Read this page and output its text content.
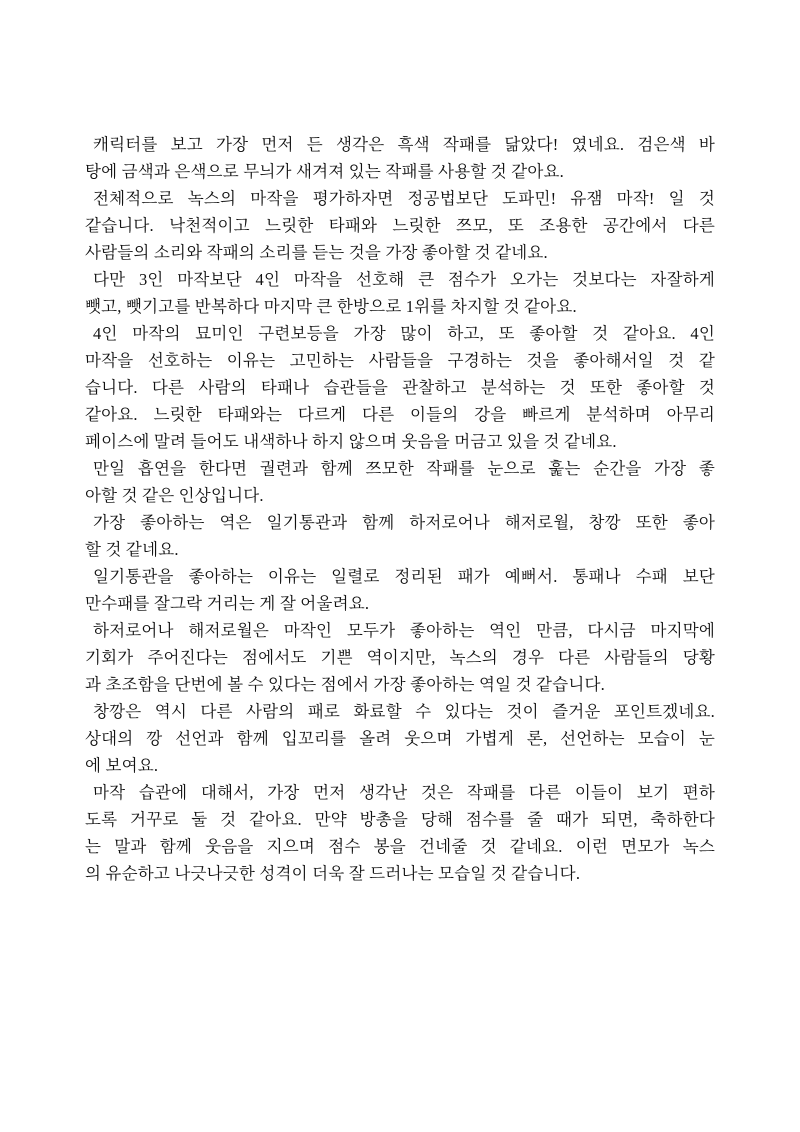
캐릭터를 보고 가장 먼저 든 생각은 흑색 작패를 닮았다! 였네요. 검은색 바
탕에 금색과 은색으로 무늬가 새겨져 있는 작패를 사용할 것 같아요.

전체적으로 녹스의 마작을 평가하자면 정공법보단 도파민! 유잼 마작! 일 것
같습니다. 낙천적이고 느릿한 타패와 느릿한 쯔모, 또 조용한 공간에서 다른
사람들의 소리와 작패의 소리를 듣는 것을 가장 좋아할 것 같네요.

다만 3인 마작보단 4인 마작을 선호해 큰 점수가 오가는 것보다는 자잘하게
뺏고, 뺏기고를 반복하다 마지막 큰 한방으로 1위를 차지할 것 같아요.

4인 마작의 묘미인 구련보등을 가장 많이 하고, 또 좋아할 것 같아요. 4인
마작을 선호하는 이유는 고민하는 사람들을 구경하는 것을 좋아해서일 것 같
습니다. 다른 사람의 타패나 습관들을 관찰하고 분석하는 것 또한 좋아할 것
같아요. 느릿한 타패와는 다르게 다른 이들의 강을 빠르게 분석하며 아무리
페이스에 말려 들어도 내색하나 하지 않으며 웃음을 머금고 있을 것 같네요.

만일 흡연을 한다면 궐련과 함께 쯔모한 작패를 눈으로 훑는 순간을 가장 좋
아할 것 같은 인상입니다.

가장 좋아하는 역은 일기통관과 함께 하저로어나 해저로월, 창깡 또한 좋아
할 것 같네요.

일기통관을 좋아하는 이유는 일렬로 정리된 패가 예뻐서. 통패나 수패 보단
만수패를 잘그락 거리는 게 잘 어울려요.

하저로어나 해저로월은 마작인 모두가 좋아하는 역인 만큼, 다시금 마지막에
기회가 주어진다는 점에서도 기쁜 역이지만, 녹스의 경우 다른 사람들의 당황
과 초조함을 단번에 볼 수 있다는 점에서 가장 좋아하는 역일 것 같습니다.

창깡은 역시 다른 사람의 패로 화료할 수 있다는 것이 즐거운 포인트겠네요.
상대의 깡 선언과 함께 입꼬리를 올려 웃으며 가볍게 론, 선언하는 모습이 눈
에 보여요.

마작 습관에 대해서, 가장 먼저 생각난 것은 작패를 다른 이들이 보기 편하
도록 거꾸로 둘 것 같아요. 만약 방총을 당해 점수를 줄 때가 되면, 축하한다
는 말과 함께 웃음을 지으며 점수 봉을 건네줄 것 같네요. 이런 면모가 녹스
의 유순하고 나긋나긋한 성격이 더욱 잘 드러나는 모습일 것 같습니다.
